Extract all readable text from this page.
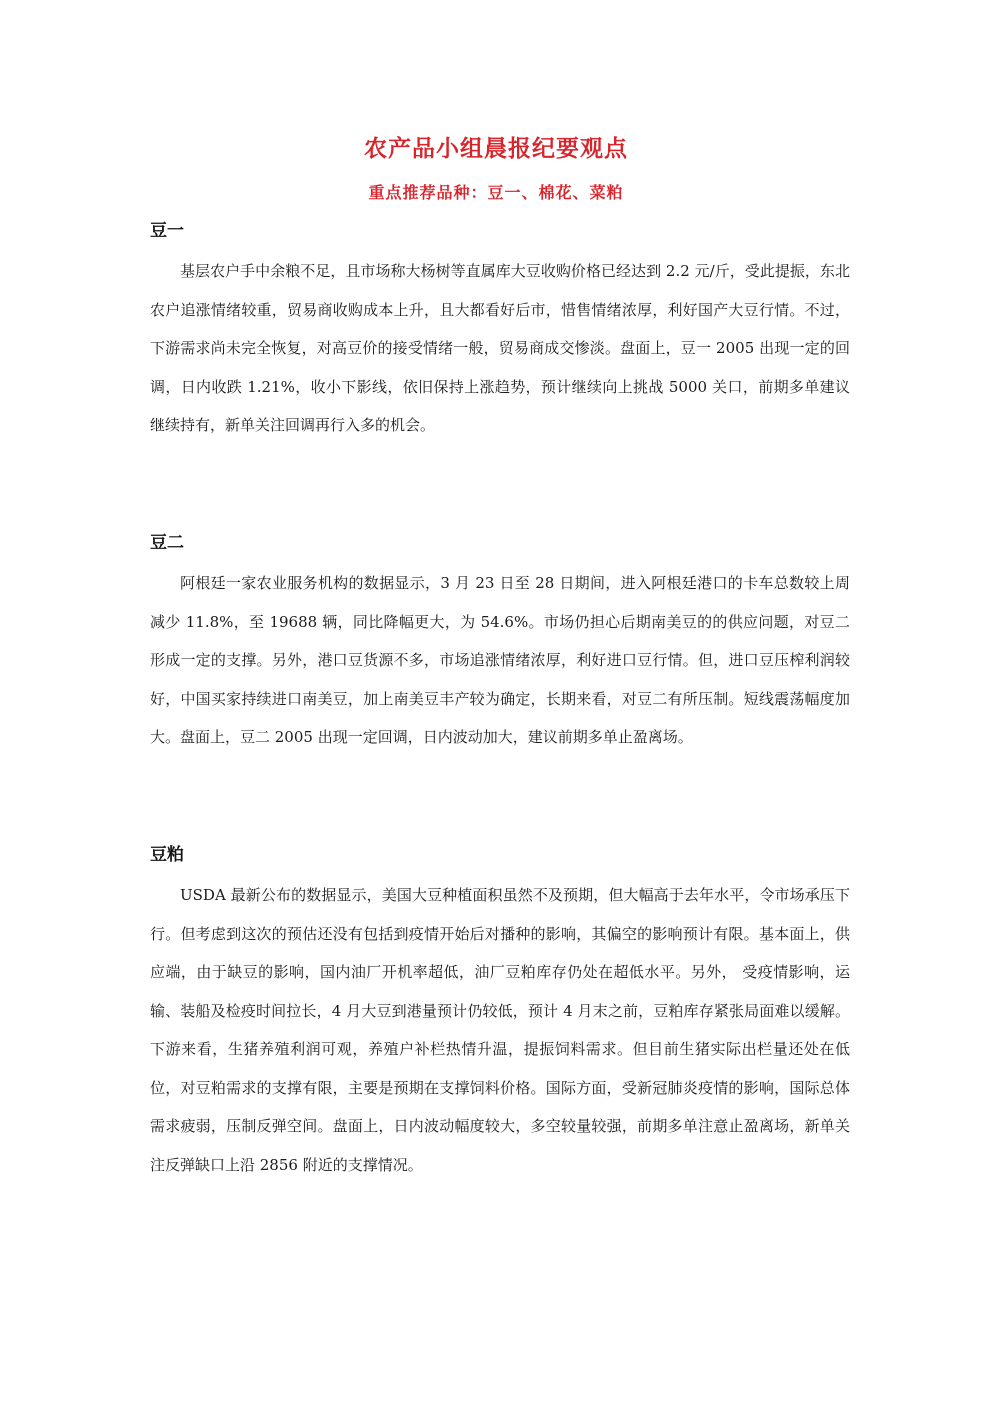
农产品小组晨报纪要观点
重点推荐品种：豆一、棉花、菜粕
豆一

基层农户手中余粮不足，且市场称大杨树等直属库大豆收购价格已经达到 2.2 元/斤，受此提振，东北农户追涨情绪较重，贸易商收购成本上升，且大都看好后市，惜售情绪浓厚，利好国产大豆行情。不过，下游需求尚未完全恢复，对高豆价的接受情绪一般，贸易商成交惨淡。盘面上，豆一 2005 出现一定的回调，日内收跌 1.21%，收小下影线，依旧保持上涨趋势，预计继续向上挑战 5000 关口，前期多单建议继续持有，新单关注回调再行入多的机会。

豆二

阿根廷一家农业服务机构的数据显示，3 月 23 日至 28 日期间，进入阿根廷港口的卡车总数较上周减少 11.8%，至 19688 辆，同比降幅更大，为 54.6%。市场仍担心后期南美豆的的供应问题，对豆二形成一定的支撑。另外，港口豆货源不多，市场追涨情绪浓厚，利好进口豆行情。但，进口豆压榨利润较好，中国买家持续进口南美豆，加上南美豆丰产较为确定，长期来看，对豆二有所压制。短线震荡幅度加大。盘面上，豆二 2005 出现一定回调，日内波动加大，建议前期多单止盈离场。

豆粕

USDA 最新公布的数据显示，美国大豆种植面积虽然不及预期，但大幅高于去年水平，令市场承压下行。但考虑到这次的预估还没有包括到疫情开始后对播种的影响，其偏空的影响预计有限。基本面上，供应端，由于缺豆的影响，国内油厂开机率超低，油厂豆粕库存仍处在超低水平。另外， 受疫情影响，运输、装船及检疫时间拉长，4 月大豆到港量预计仍较低，预计 4 月末之前，豆粕库存紧张局面难以缓解。下游来看，生猪养殖利润可观，养殖户补栏热情升温，提振饲料需求。但目前生猪实际出栏量还处在低位，对豆粕需求的支撑有限，主要是预期在支撑饲料价格。国际方面，受新冠肺炎疫情的影响，国际总体需求疲弱，压制反弹空间。盘面上，日内波动幅度较大，多空较量较强，前期多单注意止盈离场，新单关注反弹缺口上沿 2856 附近的支撑情况。
